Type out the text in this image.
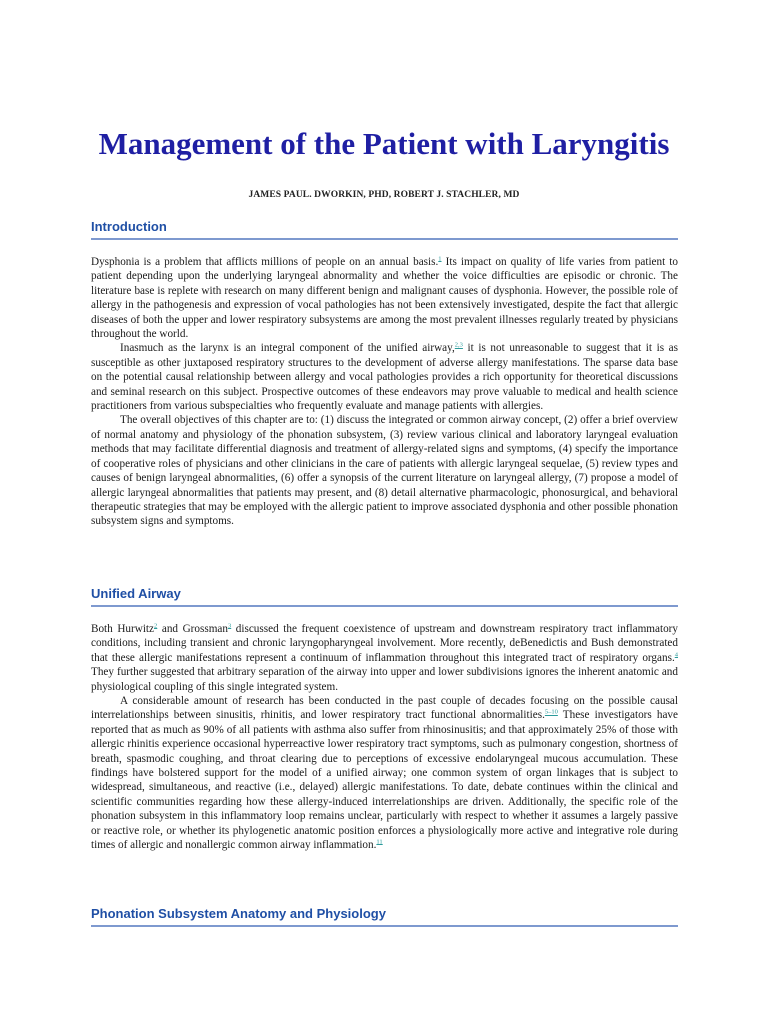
Management of the Patient with Laryngitis
JAMES PAUL. DWORKIN, PHD, ROBERT J. STACHLER, MD
Introduction

Dysphonia is a problem that afflicts millions of people on an annual basis.$^1$ Its impact on quality of life varies from patient to patient depending upon the underlying laryngeal abnormality and whether the voice difficulties are episodic or chronic. The literature base is replete with research on many different benign and malignant causes of dysphonia. However, the possible role of allergy in the pathogenesis and expression of vocal pathologies has not been extensively investigated, despite the fact that allergic diseases of both the upper and lower respiratory subsystems are among the most prevalent illnesses regularly treated by physicians throughout the world.

Inasmuch as the larynx is an integral component of the unified airway,$^{2,3}$ it is not unreasonable to suggest that it is as susceptible as other juxtaposed respiratory structures to the development of adverse allergy manifestations. The sparse data base on the potential causal relationship between allergy and vocal pathologies provides a rich opportunity for theoretical discussions and seminal research on this subject. Prospective outcomes of these endeavors may prove valuable to medical and health science practitioners from various subspecialties who frequently evaluate and manage patients with allergies.

The overall objectives of this chapter are to: (1) discuss the integrated or common airway concept, (2) offer a brief overview of normal anatomy and physiology of the phonation subsystem, (3) review various clinical and laboratory laryngeal evaluation methods that may facilitate differential diagnosis and treatment of allergy-related signs and symptoms, (4) specify the importance of cooperative roles of physicians and other clinicians in the care of patients with allergic laryngeal sequelae, (5) review types and causes of benign laryngeal abnormalities, (6) offer a synopsis of the current literature on laryngeal allergy, (7) propose a model of allergic laryngeal abnormalities that patients may present, and (8) detail alternative pharmacologic, phonosurgical, and behavioral therapeutic strategies that may be employed with the allergic patient to improve associated dysphonia and other possible phonation subsystem signs and symptoms.

Unified Airway

Both Hurwitz$^2$ and Grossman$^3$ discussed the frequent coexistence of upstream and downstream respiratory tract inflammatory conditions, including transient and chronic laryngopharyngeal involvement. More recently, deBenedictis and Bush demonstrated that these allergic manifestations represent a continuum of inflammation throughout this integrated tract of respiratory organs.$^4$ They further suggested that arbitrary separation of the airway into upper and lower subdivisions ignores the inherent anatomic and physiological coupling of this single integrated system.

A considerable amount of research has been conducted in the past couple of decades focusing on the possible causal interrelationships between sinusitis, rhinitis, and lower respiratory tract functional abnormalities.$^{5-10}$ These investigators have reported that as much as 90% of all patients with asthma also suffer from rhinosinusitis; and that approximately 25% of those with allergic rhinitis experience occasional hyperreactive lower respiratory tract symptoms, such as pulmonary congestion, shortness of breath, spasmodic coughing, and throat clearing due to perceptions of excessive endolaryngeal mucous accumulation. These findings have bolstered support for the model of a unified airway; one common system of organ linkages that is subject to widespread, simultaneous, and reactive (i.e., delayed) allergic manifestations. To date, debate continues within the clinical and scientific communities regarding how these allergy-induced interrelationships are driven. Additionally, the specific role of the phonation subsystem in this inflammatory loop remains unclear, particularly with respect to whether it assumes a largely passive or reactive role, or whether its phylogenetic anatomic position enforces a physiologically more active and integrative role during times of allergic and nonallergic common airway inflammation.$^{11}$

Phonation Subsystem Anatomy and Physiology
